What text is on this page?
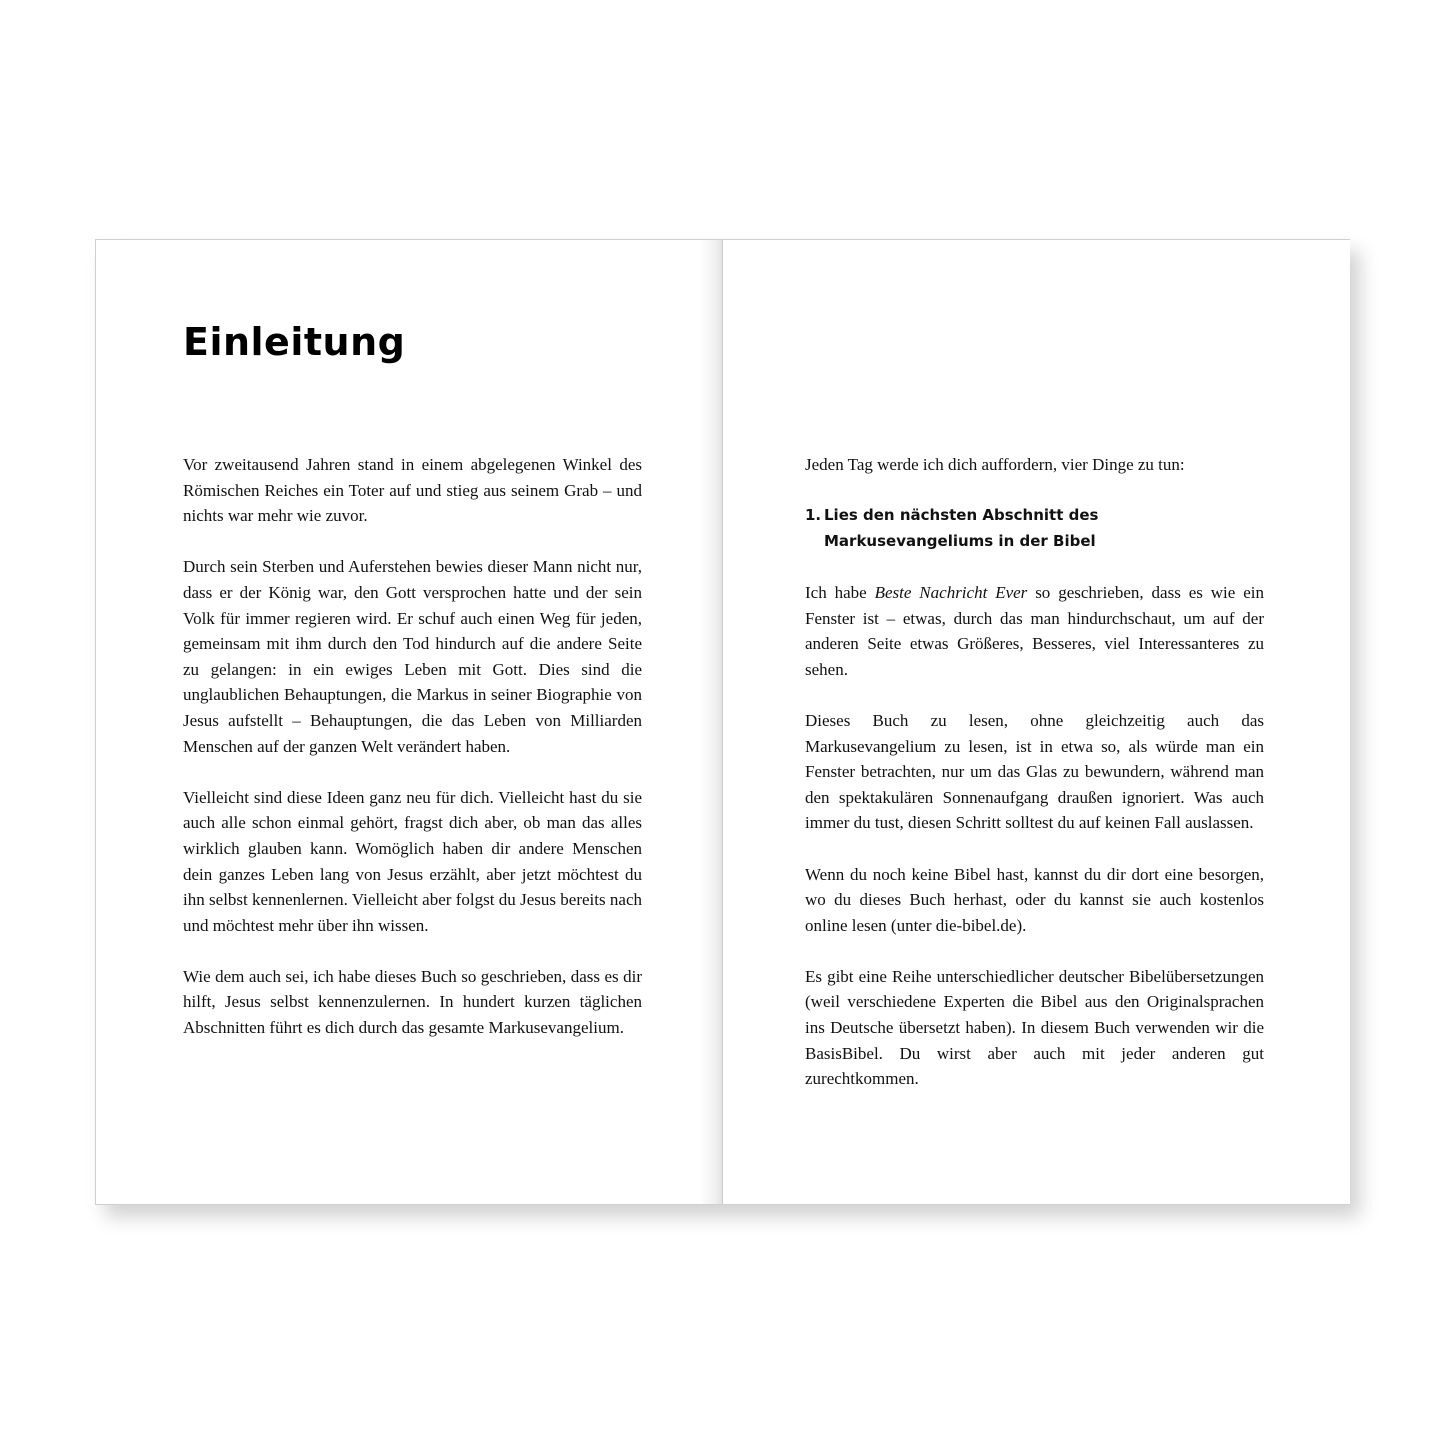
Einleitung

Vor zweitausend Jahren stand in einem abgelegenen Winkel des Römischen Reiches ein Toter auf und stieg aus seinem Grab – und nichts war mehr wie zuvor.

Durch sein Sterben und Auferstehen bewies dieser Mann nicht nur, dass er der König war, den Gott versprochen hatte und der sein Volk für immer regieren wird. Er schuf auch einen Weg für jeden, gemeinsam mit ihm durch den Tod hindurch auf die andere Seite zu gelangen: in ein ewiges Leben mit Gott. Dies sind die unglaublichen Behauptungen, die Markus in seiner Biographie von Jesus aufstellt – Behauptungen, die das Leben von Milliarden Menschen auf der ganzen Welt verändert haben.

Vielleicht sind diese Ideen ganz neu für dich. Vielleicht hast du sie auch alle schon einmal gehört, fragst dich aber, ob man das alles wirklich glauben kann. Womöglich haben dir andere Menschen dein ganzes Leben lang von Jesus erzählt, aber jetzt möchtest du ihn selbst kennenlernen. Vielleicht aber folgst du Jesus bereits nach und möchtest mehr über ihn wissen.

Wie dem auch sei, ich habe dieses Buch so geschrieben, dass es dir hilft, Jesus selbst kennenzulernen. In hundert kurzen täglichen Abschnitten führt es dich durch das gesamte Markusevangelium.

Jeden Tag werde ich dich auffordern, vier Dinge zu tun:

1. Lies den nächsten Abschnitt des Markusevangeliums in der Bibel

Ich habe Beste Nachricht Ever so geschrieben, dass es wie ein Fenster ist – etwas, durch das man hindurchschaut, um auf der anderen Seite etwas Größeres, Besseres, viel Interessanteres zu sehen.

Dieses Buch zu lesen, ohne gleichzeitig auch das Markusevangelium zu lesen, ist in etwa so, als würde man ein Fenster betrachten, nur um das Glas zu bewundern, während man den spektakulären Sonnenaufgang draußen ignoriert. Was auch immer du tust, diesen Schritt solltest du auf keinen Fall auslassen.

Wenn du noch keine Bibel hast, kannst du dir dort eine besorgen, wo du dieses Buch herhast, oder du kannst sie auch kostenlos online lesen (unter die-bibel.de).

Es gibt eine Reihe unterschiedlicher deutscher Bibelübersetzungen (weil verschiedene Experten die Bibel aus den Originalsprachen ins Deutsche übersetzt haben). In diesem Buch verwenden wir die BasisBibel. Du wirst aber auch mit jeder anderen gut zurechtkommen.
